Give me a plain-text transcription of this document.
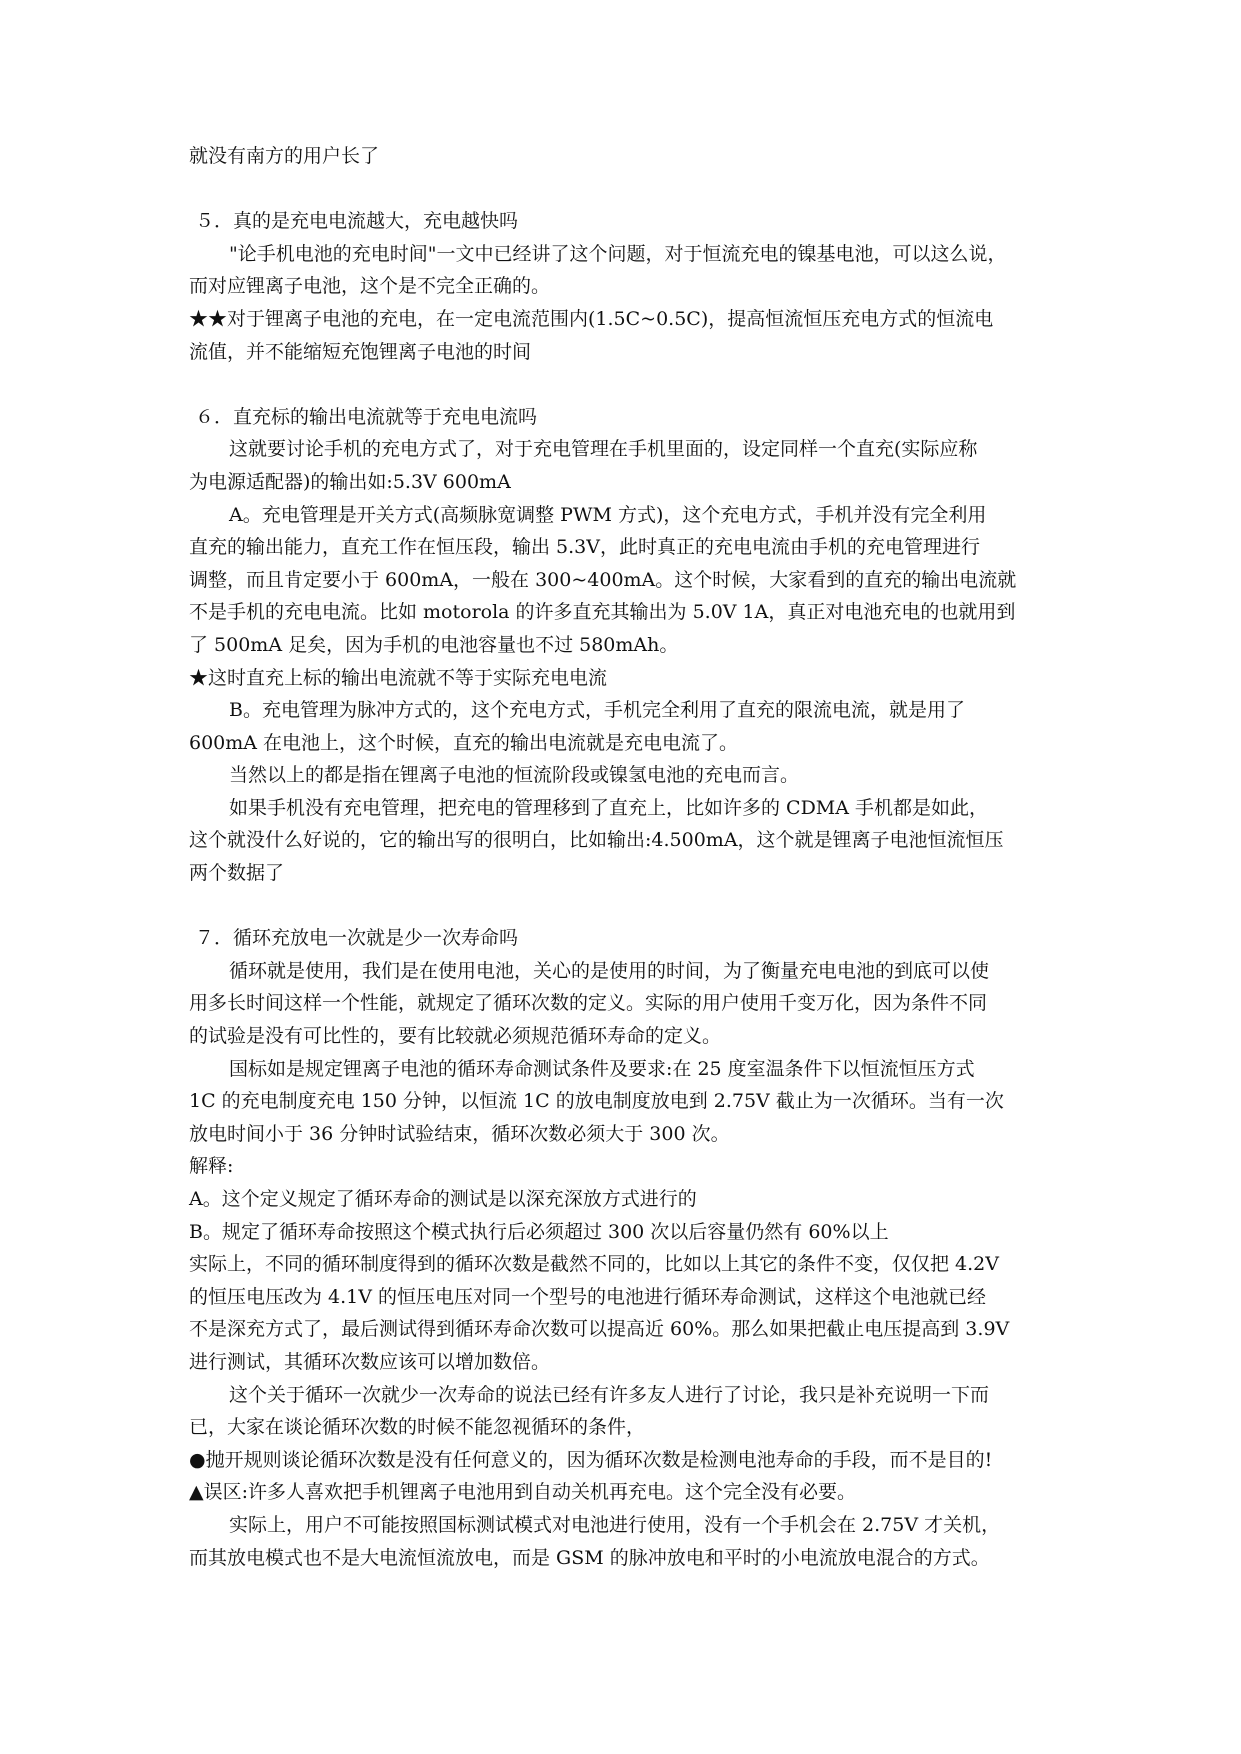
就没有南方的用户长了
５．真的是充电电流越大，充电越快吗
"论手机电池的充电时间"一文中已经讲了这个问题，对于恒流充电的镍基电池，可以这么说，
而对应锂离子电池，这个是不完全正确的。
★★对于锂离子电池的充电，在一定电流范围内(1.5C~0.5C)，提高恒流恒压充电方式的恒流电
流值，并不能缩短充饱锂离子电池的时间
６．直充标的输出电流就等于充电电流吗
这就要讨论手机的充电方式了，对于充电管理在手机里面的，设定同样一个直充(实际应称
为电源适配器)的输出如:5.3V 600mA
A。充电管理是开关方式(高频脉宽调整 PWM 方式)，这个充电方式，手机并没有完全利用
直充的输出能力，直充工作在恒压段，输出 5.3V，此时真正的充电电流由手机的充电管理进行
调整，而且肯定要小于 600mA，一般在 300~400mA。这个时候，大家看到的直充的输出电流就
不是手机的充电电流。比如 motorola 的许多直充其输出为 5.0V 1A，真正对电池充电的也就用到
了 500mA 足矣，因为手机的电池容量也不过 580mAh。
★这时直充上标的输出电流就不等于实际充电电流
B。充电管理为脉冲方式的，这个充电方式，手机完全利用了直充的限流电流，就是用了
600mA 在电池上，这个时候，直充的输出电流就是充电电流了。
当然以上的都是指在锂离子电池的恒流阶段或镍氢电池的充电而言。
如果手机没有充电管理，把充电的管理移到了直充上，比如许多的 CDMA 手机都是如此，
这个就没什么好说的，它的输出写的很明白，比如输出:4.500mA，这个就是锂离子电池恒流恒压
两个数据了
７．循环充放电一次就是少一次寿命吗
循环就是使用，我们是在使用电池，关心的是使用的时间，为了衡量充电电池的到底可以使
用多长时间这样一个性能，就规定了循环次数的定义。实际的用户使用千变万化，因为条件不同
的试验是没有可比性的，要有比较就必须规范循环寿命的定义。
国标如是规定锂离子电池的循环寿命测试条件及要求:在 25 度室温条件下以恒流恒压方式
1C 的充电制度充电 150 分钟，以恒流 1C 的放电制度放电到 2.75V 截止为一次循环。当有一次
放电时间小于 36 分钟时试验结束，循环次数必须大于 300 次。
解释:
A。这个定义规定了循环寿命的测试是以深充深放方式进行的
B。规定了循环寿命按照这个模式执行后必须超过 300 次以后容量仍然有 60%以上
实际上，不同的循环制度得到的循环次数是截然不同的，比如以上其它的条件不变，仅仅把 4.2V
的恒压电压改为 4.1V 的恒压电压对同一个型号的电池进行循环寿命测试，这样这个电池就已经
不是深充方式了，最后测试得到循环寿命次数可以提高近 60%。那么如果把截止电压提高到 3.9V
进行测试，其循环次数应该可以增加数倍。
这个关于循环一次就少一次寿命的说法已经有许多友人进行了讨论，我只是补充说明一下而
已，大家在谈论循环次数的时候不能忽视循环的条件，
●抛开规则谈论循环次数是没有任何意义的，因为循环次数是检测电池寿命的手段，而不是目的!
▲误区:许多人喜欢把手机锂离子电池用到自动关机再充电。这个完全没有必要。
实际上，用户不可能按照国标测试模式对电池进行使用，没有一个手机会在 2.75V 才关机，
而其放电模式也不是大电流恒流放电，而是 GSM 的脉冲放电和平时的小电流放电混合的方式。
